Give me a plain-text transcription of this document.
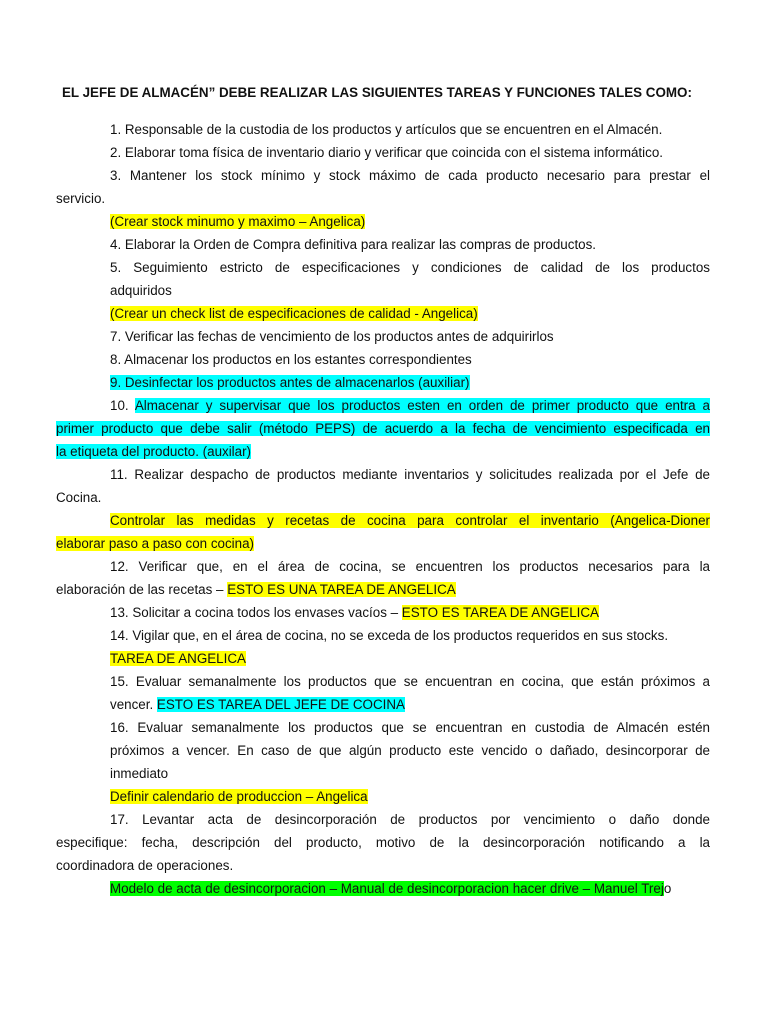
EL JEFE DE ALMACÉN” DEBE REALIZAR LAS SIGUIENTES TAREAS Y FUNCIONES TALES COMO:

1. Responsable de la custodia de los productos y artículos que se encuentren en el Almacén.

2. Elaborar toma física de inventario diario y verificar que coincida con el sistema informático.

3. Mantener los stock mínimo y stock máximo de cada producto necesario para prestar el

servicio.

(Crear stock minumo y maximo – Angelica)

4. Elaborar la Orden de Compra definitiva para realizar las compras de productos.

5. Seguimiento estricto de especificaciones y condiciones de calidad de los productos

adquiridos

(Crear un check list de especificaciones de calidad - Angelica)

7. Verificar las fechas de vencimiento de los productos antes de adquirirlos

8. Almacenar los productos en los estantes correspondientes

9. Desinfectar los productos antes de almacenarlos (auxiliar)

10. Almacenar y supervisar que los productos esten en orden de primer producto que entra a

primer producto que debe salir (método PEPS) de acuerdo a la fecha de vencimiento especificada en

la etiqueta del producto. (auxilar)

11. Realizar despacho de productos mediante inventarios y solicitudes realizada por el Jefe de

Cocina.

Controlar las medidas y recetas de cocina para controlar el inventario (Angelica-Dioner

elaborar paso a paso con cocina)

12. Verificar que, en el área de cocina, se encuentren los productos necesarios para la

elaboración de las recetas – ESTO ES UNA TAREA DE ANGELICA

13. Solicitar a cocina todos los envases vacíos – ESTO ES TAREA DE ANGELICA

14. Vigilar que, en el área de cocina, no se exceda de los productos requeridos en sus stocks.

TAREA DE ANGELICA

15. Evaluar semanalmente los productos que se encuentran en cocina, que están próximos a

vencer. ESTO ES TAREA DEL JEFE DE COCINA

16. Evaluar semanalmente los productos que se encuentran en custodia de Almacén estén

próximos a vencer. En caso de que algún producto este vencido o dañado, desincorporar de

inmediato

Definir calendario de produccion – Angelica

17. Levantar acta de desincorporación de productos por vencimiento o daño donde

especifique: fecha, descripción del producto, motivo de la desincorporación notificando a la

coordinadora de operaciones.

Modelo de acta de desincorporacion – Manual de desincorporacion hacer drive – Manuel Trejo
